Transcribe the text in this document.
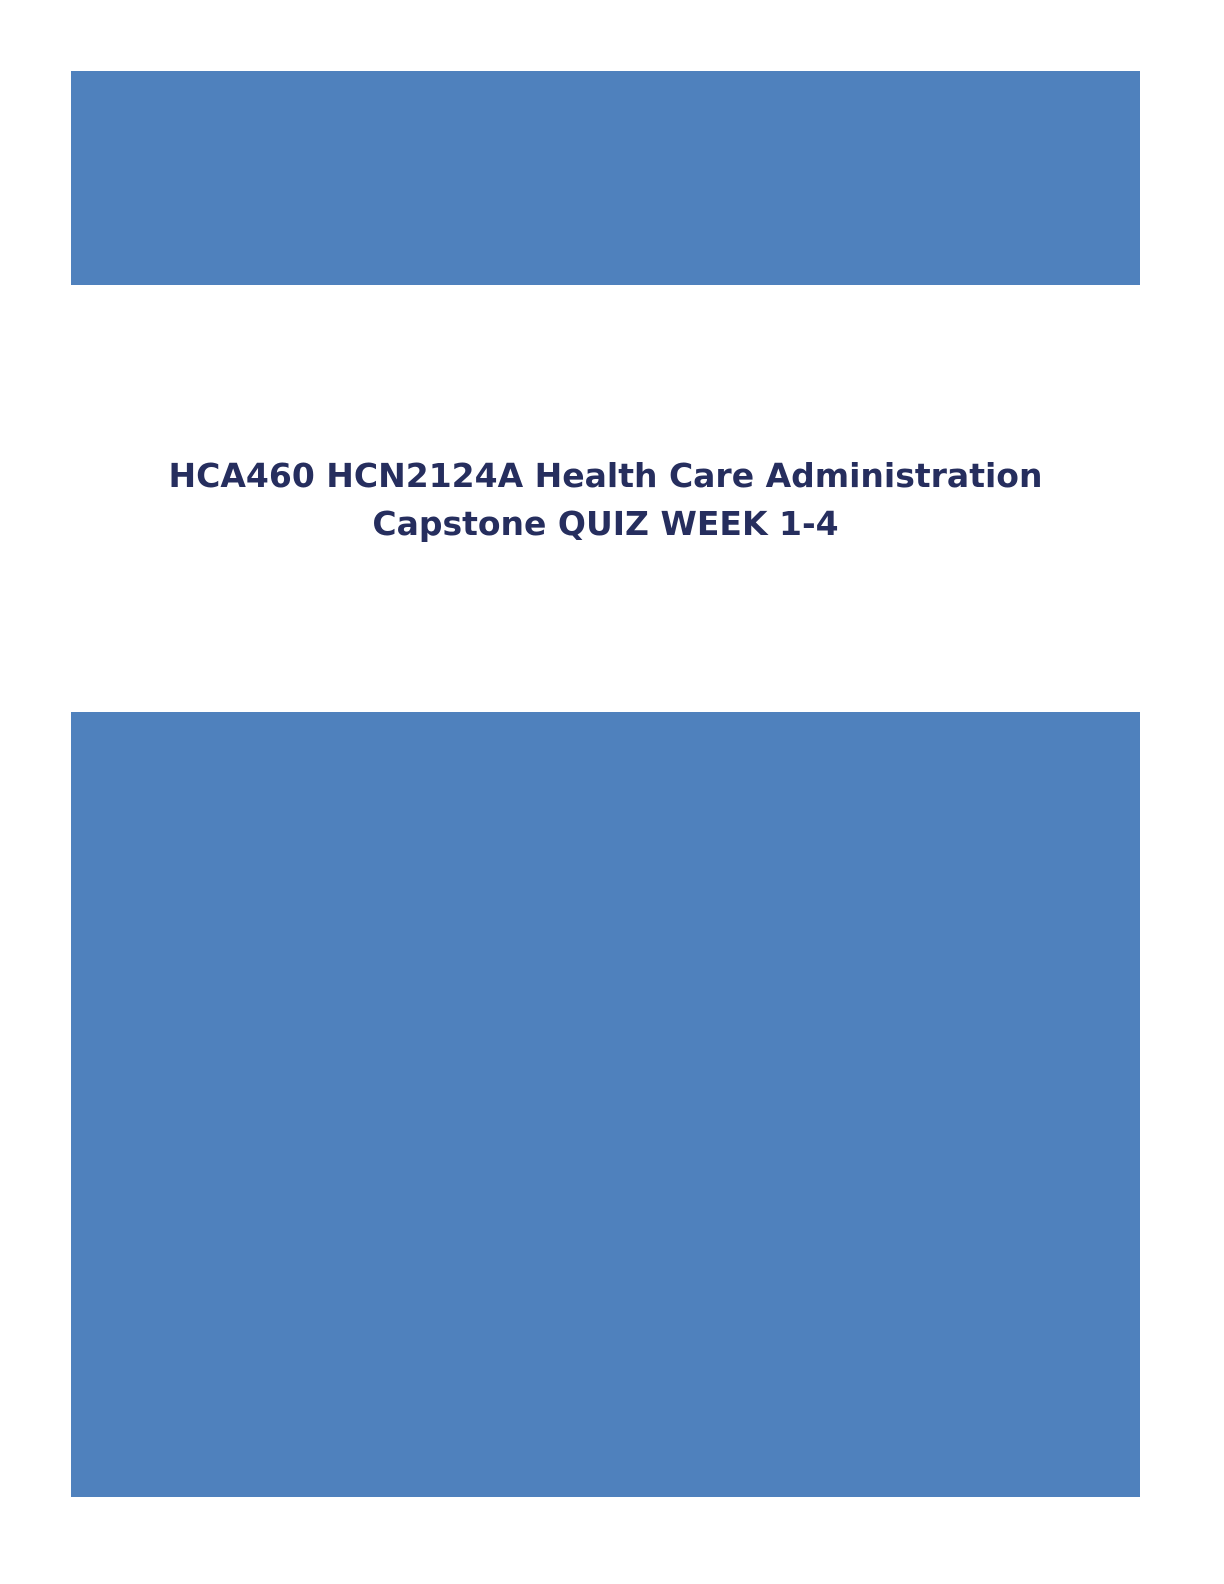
HCA460 HCN2124A Health Care Administration
Capstone QUIZ WEEK 1-4
